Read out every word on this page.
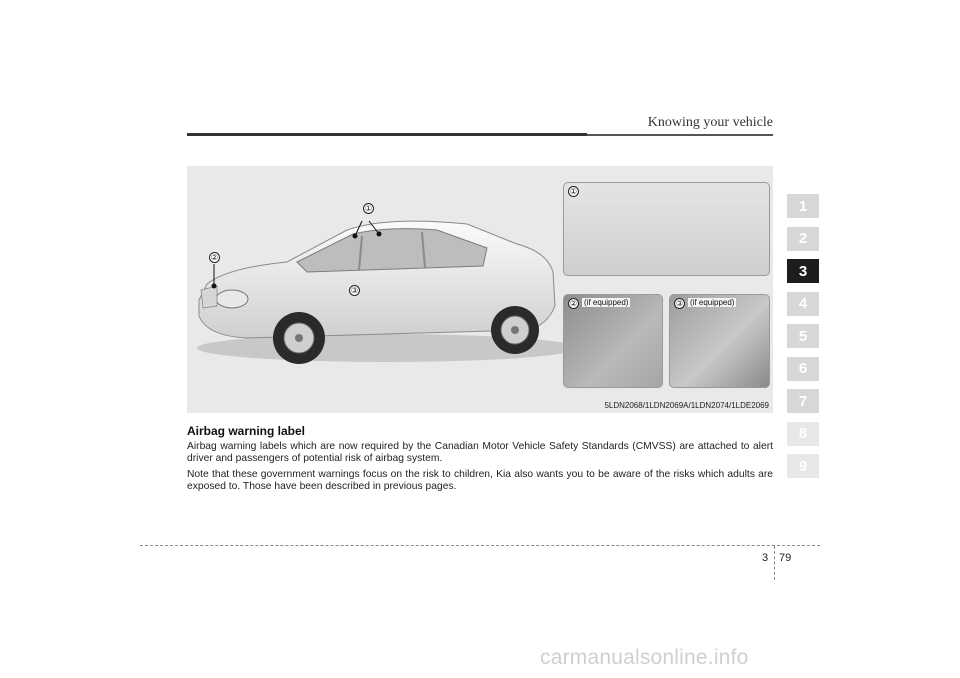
Knowing your vehicle
1
2
3
4
5
6
7
8
9
①
②
③
①
②	③
(if equipped)	(if equipped)
5LDN2068/1LDN2069A/1LDN2074/1LDE2069
Airbag warning label

Airbag warning labels which are now required by the Canadian Motor Vehicle Safety Standards (CMVSS) are attached to alert driver and passengers of potential risk of airbag system.

Note that these government warnings focus on the risk to children, Kia also wants you to be aware of the risks which adults are exposed to. Those have been described in previous pages.

3 79
carmanualsonline.info
